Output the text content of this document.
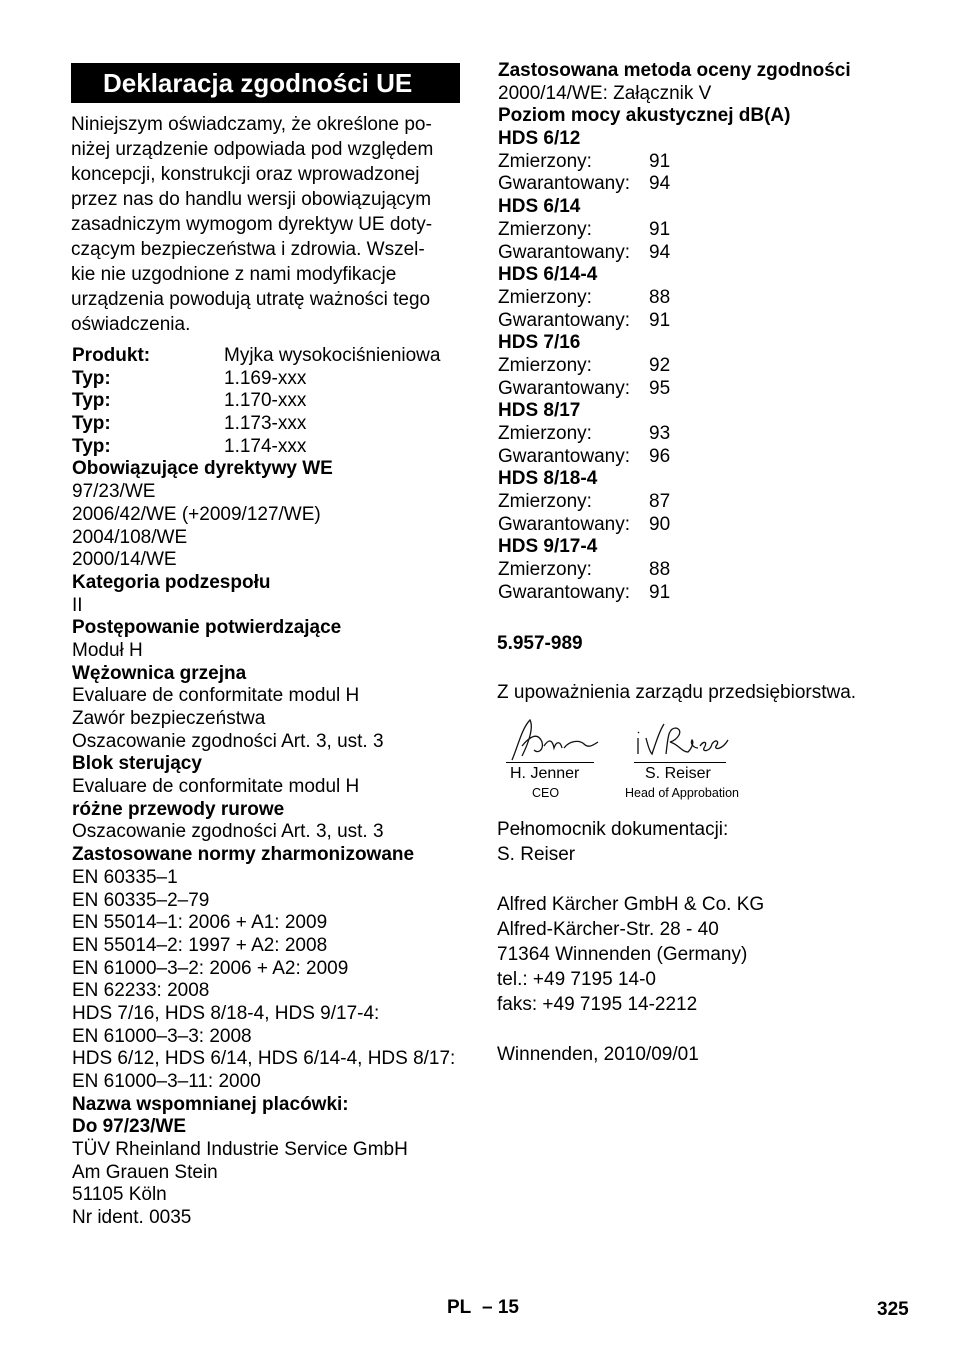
Deklaracja zgodności UE
Niniejszym oświadczamy, że określone po-
niżej urządzenie odpowiada pod względem
koncepcji, konstrukcji oraz wprowadzonej
przez nas do handlu wersji obowiązującym
zasadniczym wymogom dyrektyw UE doty-
czącym bezpieczeństwa i zdrowia. Wszel-
kie nie uzgodnione z nami modyfikacje
urządzenia powodują utratę ważności tego
oświadczenia.
Produkt:	Myjka wysokociśnieniowa
Typ:	1.169-xxx
Typ:	1.170-xxx
Typ:	1.173-xxx
Typ:	1.174-xxx
Obowiązujące dyrektywy WE
97/23/WE
2006/42/WE (+2009/127/WE)
2004/108/WE
2000/14/WE
Kategoria podzespołu
II
Postępowanie potwierdzające
Moduł H
Wężownica grzejna
Evaluare de conformitate modul H
Zawór bezpieczeństwa
Oszacowanie zgodności Art. 3, ust. 3
Blok sterujący
Evaluare de conformitate modul H
różne przewody rurowe
Oszacowanie zgodności Art. 3, ust. 3
Zastosowane normy zharmonizowane
EN 60335–1
EN 60335–2–79
EN 55014–1: 2006 + A1: 2009
EN 55014–2: 1997 + A2: 2008
EN 61000–3–2: 2006 + A2: 2009
EN 62233: 2008
HDS 7/16, HDS 8/18-4, HDS 9/17-4:
EN 61000–3–3: 2008
HDS 6/12, HDS 6/14, HDS 6/14-4, HDS 8/17:
EN 61000–3–11: 2000
Nazwa wspomnianej placówki:
Do 97/23/WE
TÜV Rheinland Industrie Service GmbH
Am Grauen Stein
51105 Köln
Nr ident. 0035
Zastosowana metoda oceny zgodności
2000/14/WE: Załącznik V
Poziom mocy akustycznej dB(A)
HDS 6/12
Zmierzony:	91
Gwarantowany: 94
HDS 6/14
Zmierzony:	91
Gwarantowany: 94
HDS 6/14-4
Zmierzony:	88
Gwarantowany: 91
HDS 7/16
Zmierzony:	92
Gwarantowany: 95
HDS 8/17
Zmierzony:	93
Gwarantowany: 96
HDS 8/18-4
Zmierzony:	87
Gwarantowany: 90
HDS 9/17-4
Zmierzony:	88
Gwarantowany: 91
5.957-989
Z upoważnienia zarządu przedsiębiorstwa.
H. Jenner	S. Reiser
CEO	Head of Approbation
Pełnomocnik dokumentacji:
S. Reiser
Alfred Kärcher GmbH & Co. KG
Alfred-Kärcher-Str. 28 - 40
71364 Winnenden (Germany)
tel.: +49 7195 14-0
faks: +49 7195 14-2212
Winnenden, 2010/09/01
PL – 15	325
